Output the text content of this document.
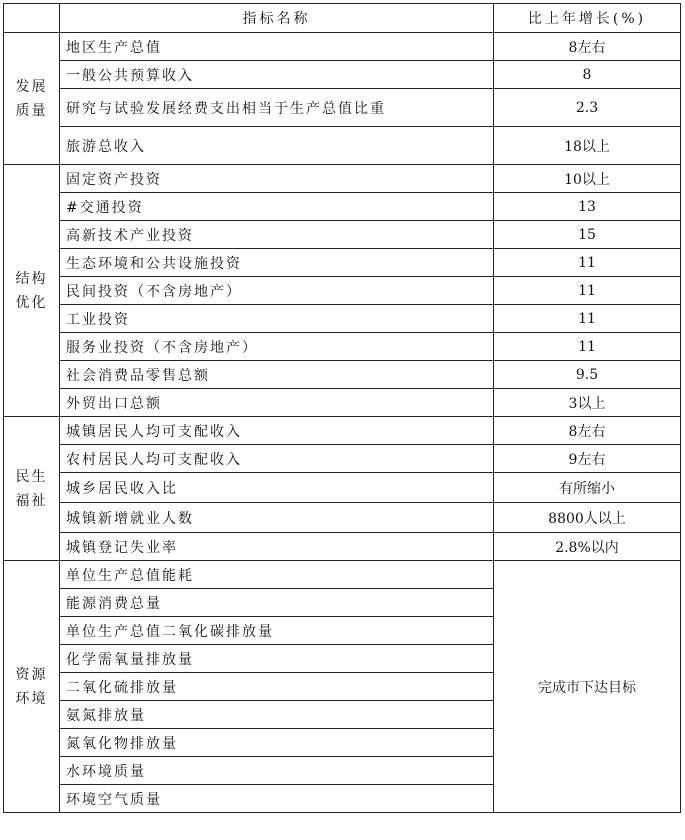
	指标名称	比上年增长(%)

发展
质量	地区生产总值	8左右
	一般公共预算收入	8
	研究与试验发展经费支出相当于生产总值比重	2.3
	旅游总收入	18以上

结构
优化	固定资产投资	10以上
	#交通投资	13
	高新技术产业投资	15
	生态环境和公共设施投资	11
	民间投资（不含房地产）	11
	工业投资	11
	服务业投资（不含房地产）	11
	社会消费品零售总额	9.5
	外贸出口总额	3以上

民生
福祉	城镇居民人均可支配收入	8左右
	农村居民人均可支配收入	9左右
	城乡居民收入比	有所缩小
	城镇新增就业人数	8800人以上
	城镇登记失业率	2.8%以内

资源
环境	单位生产总值能耗	完成市下达目标
	能源消费总量	
	单位生产总值二氧化碳排放量	
	化学需氧量排放量	
	二氧化硫排放量	
	氨氮排放量	
	氮氧化物排放量	
	水环境质量	
	环境空气质量	
